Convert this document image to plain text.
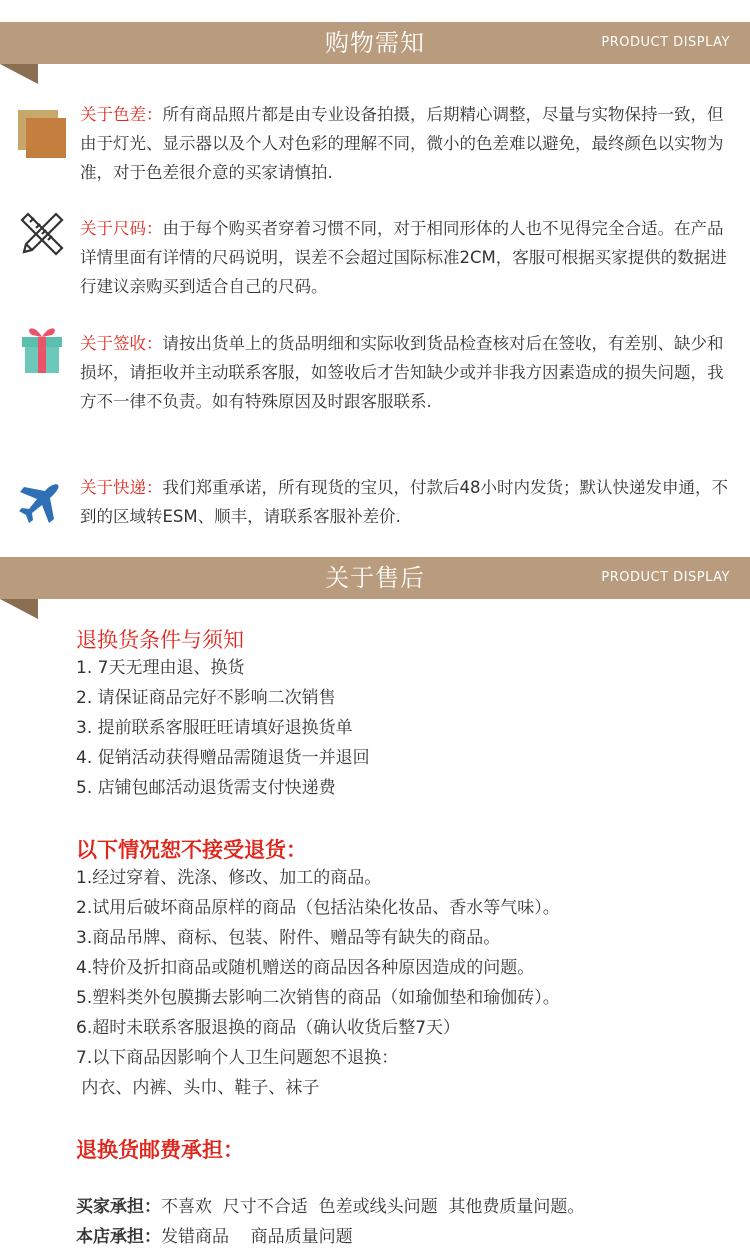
购物需知	PRODUCT DISPLAY
关于色差：所有商品照片都是由专业设备拍摄，后期精心调整，尽量与实物保持一致，但由于灯光、显示器以及个人对色彩的理解不同，微小的色差难以避免，最终颜色以实物为准，对于色差很介意的买家请慎拍.
关于尺码：由于每个购买者穿着习惯不同，对于相同形体的人也不见得完全合适。在产品详情里面有详情的尺码说明，误差不会超过国际标准2CM，客服可根据买家提供的数据进行建议亲购买到适合自己的尺码。
关于签收：请按出货单上的货品明细和实际收到货品检查核对后在签收，有差别、缺少和损坏，请拒收并主动联系客服，如签收后才告知缺少或并非我方因素造成的损失问题，我方不一律不负责。如有特殊原因及时跟客服联系.
关于快递：我们郑重承诺，所有现货的宝贝，付款后48小时内发货；默认快递发申通，不到的区域转ESM、顺丰，请联系客服补差价.
关于售后	PRODUCT DISPLAY
退换货条件与须知
1. 7天无理由退、换货
2. 请保证商品完好不影响二次销售
3. 提前联系客服旺旺请填好退换货单
4. 促销活动获得赠品需随退货一并退回
5. 店铺包邮活动退货需支付快递费
以下情况恕不接受退货：
1.经过穿着、洗涤、修改、加工的商品。
2.试用后破坏商品原样的商品（包括沾染化妆品、香水等气味）。
3.商品吊牌、商标、包装、附件、赠品等有缺失的商品。
4.特价及折扣商品或随机赠送的商品因各种原因造成的问题。
5.塑料类外包膜撕去影响二次销售的商品（如瑜伽垫和瑜伽砖）。
6.超时未联系客服退换的商品（确认收货后整7天）
7.以下商品因影响个人卫生问题恕不退换：
内衣、内裤、头巾、鞋子、袜子
退换货邮费承担：
买家承担：不喜欢  尺寸不合适  色差或线头问题  其他费质量问题。
本店承担：发错商品    商品质量问题
